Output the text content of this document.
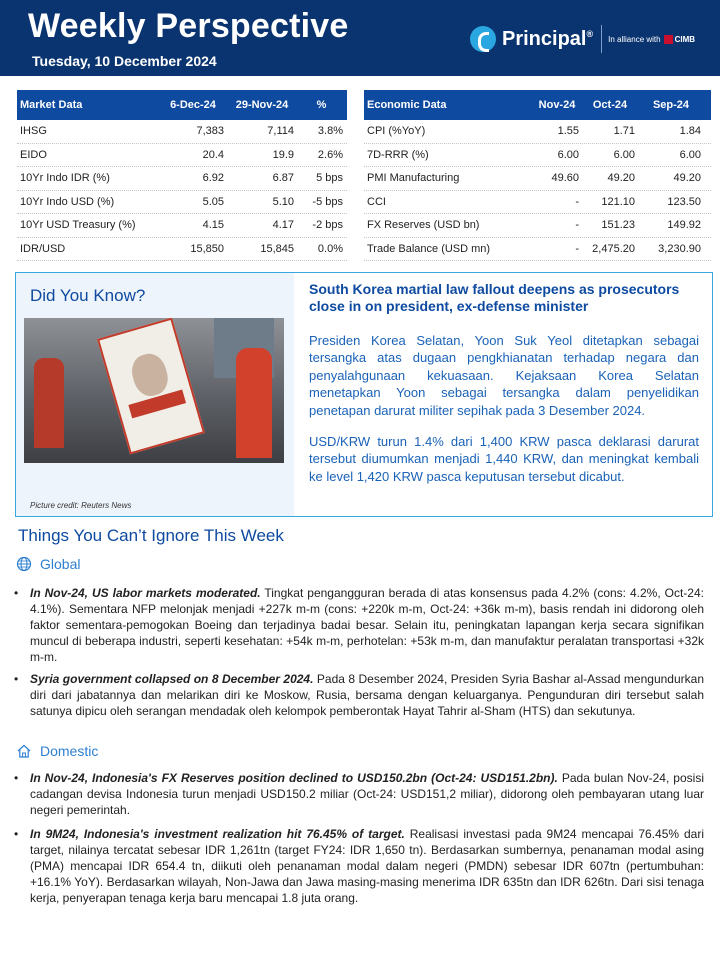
Weekly Perspective
Tuesday, 10 December 2024
Principal ® In alliance with CIMB
Market Data	6-Dec-24	29-Nov-24	%
IHSG	7,383	7,114	3.8%
EIDO	20.4	19.9	2.6%
10Yr Indo IDR (%)	6.92	6.87	5 bps
10Yr Indo USD (%)	5.05	5.10	-5 bps
10Yr USD Treasury (%)	4.15	4.17	-2 bps
IDR/USD	15,850	15,845	0.0%
Economic Data	Nov-24	Oct-24	Sep-24
CPI (%YoY)	1.55	1.71	1.84
7D-RRR (%)	6.00	6.00	6.00
PMI Manufacturing	49.60	49.20	49.20
CCI	-	121.10	123.50
FX Reserves (USD bn)	-	151.23	149.92
Trade Balance (USD mn)	-	2,475.20	3,230.90
Did You Know?
Picture credit: Reuters News
South Korea martial law fallout deepens as prosecutors close in on president, ex-defense minister
Presiden Korea Selatan, Yoon Suk Yeol ditetapkan sebagai tersangka atas dugaan pengkhianatan terhadap negara dan penyalahgunaan kekuasaan. Kejaksaan Korea Selatan menetapkan Yoon sebagai tersangka dalam penyelidikan penetapan darurat militer sepihak pada 3 Desember 2024.
USD/KRW turun 1.4% dari 1,400 KRW pasca deklarasi darurat tersebut diumumkan menjadi 1,440 KRW, dan meningkat kembali ke level 1,420 KRW pasca keputusan tersebut dicabut.
Things You Can’t Ignore This Week
Global
• In Nov-24, US labor markets moderated. Tingkat pengangguran berada di atas konsensus pada 4.2% (cons: 4.2%, Oct-24: 4.1%). Sementara NFP melonjak menjadi +227k m-m (cons: +220k m-m, Oct-24: +36k m-m), basis rendah ini didorong oleh faktor sementara-pemogokan Boeing dan terjadinya badai besar. Selain itu, peningkatan lapangan kerja secara signifikan muncul di beberapa industri, seperti kesehatan: +54k m-m, perhotelan: +53k m-m, dan manufaktur peralatan transportasi +32k m-m.
• Syria government collapsed on 8 December 2024. Pada 8 Desember 2024, Presiden Syria Bashar al-Assad mengundurkan diri dari jabatannya dan melarikan diri ke Moskow, Rusia, bersama dengan keluarganya. Pengunduran diri tersebut salah satunya dipicu oleh serangan mendadak oleh kelompok pemberontak Hayat Tahrir al-Sham (HTS) dan sekutunya.
Domestic
• In Nov-24, Indonesia's FX Reserves position declined to USD150.2bn (Oct-24: USD151.2bn). Pada bulan Nov-24, posisi cadangan devisa Indonesia turun menjadi USD150.2 miliar (Oct-24: USD151,2 miliar), didorong oleh pembayaran utang luar negeri pemerintah.
• In 9M24, Indonesia's investment realization hit 76.45% of target. Realisasi investasi pada 9M24 mencapai 76.45% dari target, nilainya tercatat sebesar IDR 1,261tn (target FY24: IDR 1,650 tn). Berdasarkan sumbernya, penanaman modal asing (PMA) mencapai IDR 654.4 tn, diikuti oleh penanaman modal dalam negeri (PMDN) sebesar IDR 607tn (pertumbuhan: +16.1% YoY). Berdasarkan wilayah, Non-Jawa dan Jawa masing-masing menerima IDR 635tn dan IDR 626tn. Dari sisi tenaga kerja, penyerapan tenaga kerja baru mencapai 1.8 juta orang.
